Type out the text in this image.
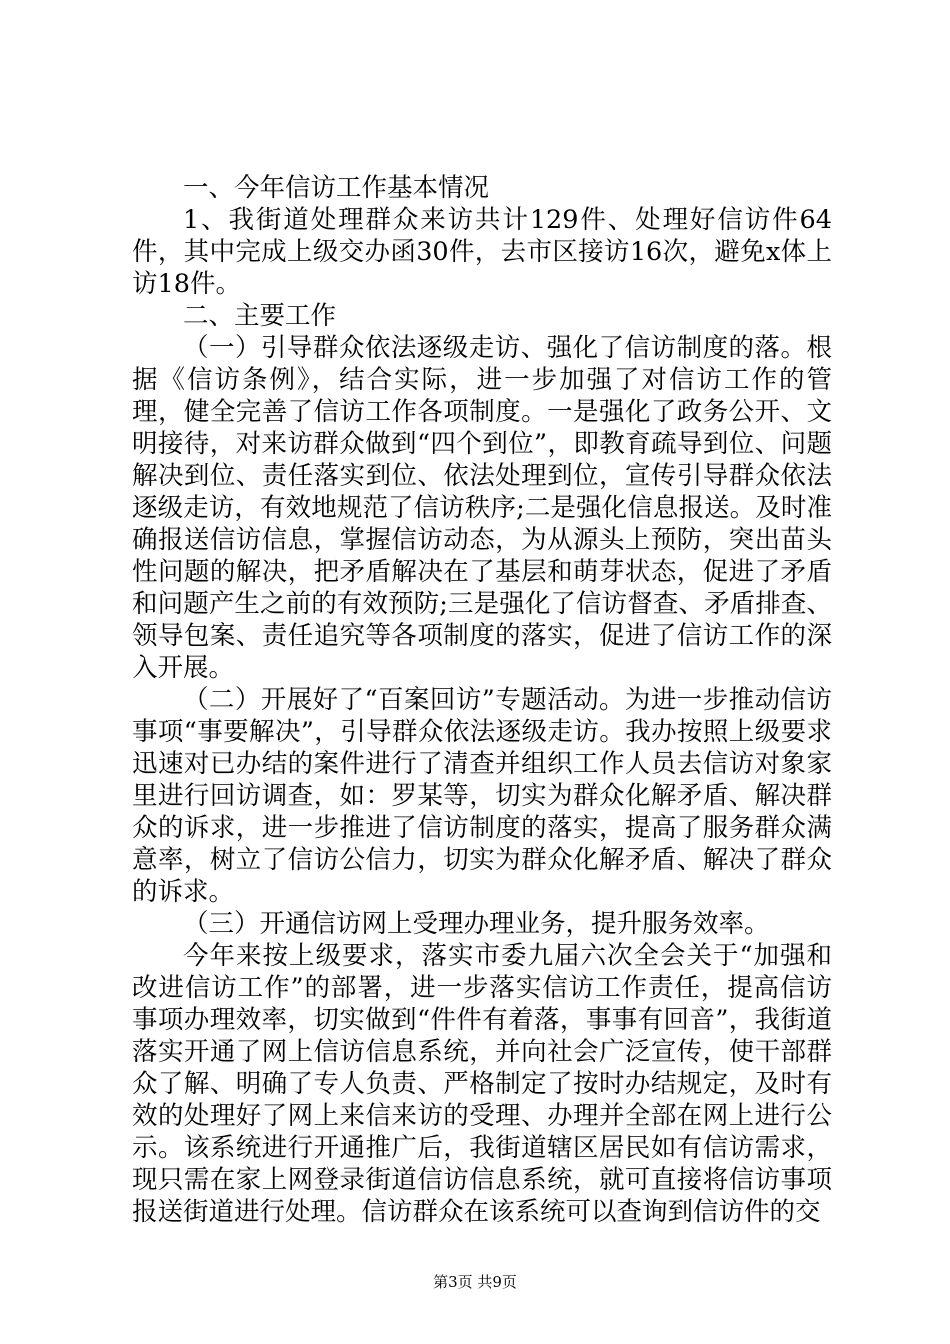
一、今年信访工作基本情况

1、我街道处理群众来访共计129件、处理好信访件64件，其中完成上级交办函30件，去市区接访16次，避免x体上访18件。

二、主要工作

（一）引导群众依法逐级走访、强化了信访制度的落。根据《信访条例》，结合实际，进一步加强了对信访工作的管理，健全完善了信访工作各项制度。一是强化了政务公开、文明接待，对来访群众做到“四个到位”，即教育疏导到位、问题解决到位、责任落实到位、依法处理到位，宣传引导群众依法逐级走访，有效地规范了信访秩序;二是强化信息报送。及时准确报送信访信息，掌握信访动态，为从源头上预防，突出苗头性问题的解决，把矛盾解决在了基层和萌芽状态，促进了矛盾和问题产生之前的有效预防;三是强化了信访督查、矛盾排查、领导包案、责任追究等各项制度的落实，促进了信访工作的深入开展。

（二）开展好了“百案回访”专题活动。为进一步推动信访事项“事要解决”，引导群众依法逐级走访。我办按照上级要求迅速对已办结的案件进行了清查并组织工作人员去信访对象家里进行回访调查，如：罗某等，切实为群众化解矛盾、解决群众的诉求，进一步推进了信访制度的落实，提高了服务群众满意率，树立了信访公信力，切实为群众化解矛盾、解决了群众的诉求。

（三）开通信访网上受理办理业务，提升服务效率。

今年来按上级要求，落实市委九届六次全会关于“加强和改进信访工作”的部署，进一步落实信访工作责任，提高信访事项办理效率，切实做到“件件有着落，事事有回音”，我街道落实开通了网上信访信息系统，并向社会广泛宣传，使干部群众了解、明确了专人负责、严格制定了按时办结规定，及时有效的处理好了网上来信来访的受理、办理并全部在网上进行公示。该系统进行开通推广后，我街道辖区居民如有信访需求，现只需在家上网登录街道信访信息系统，就可直接将信访事项报送街道进行处理。信访群众在该系统可以查询到信访件的交

第3页 共9页
